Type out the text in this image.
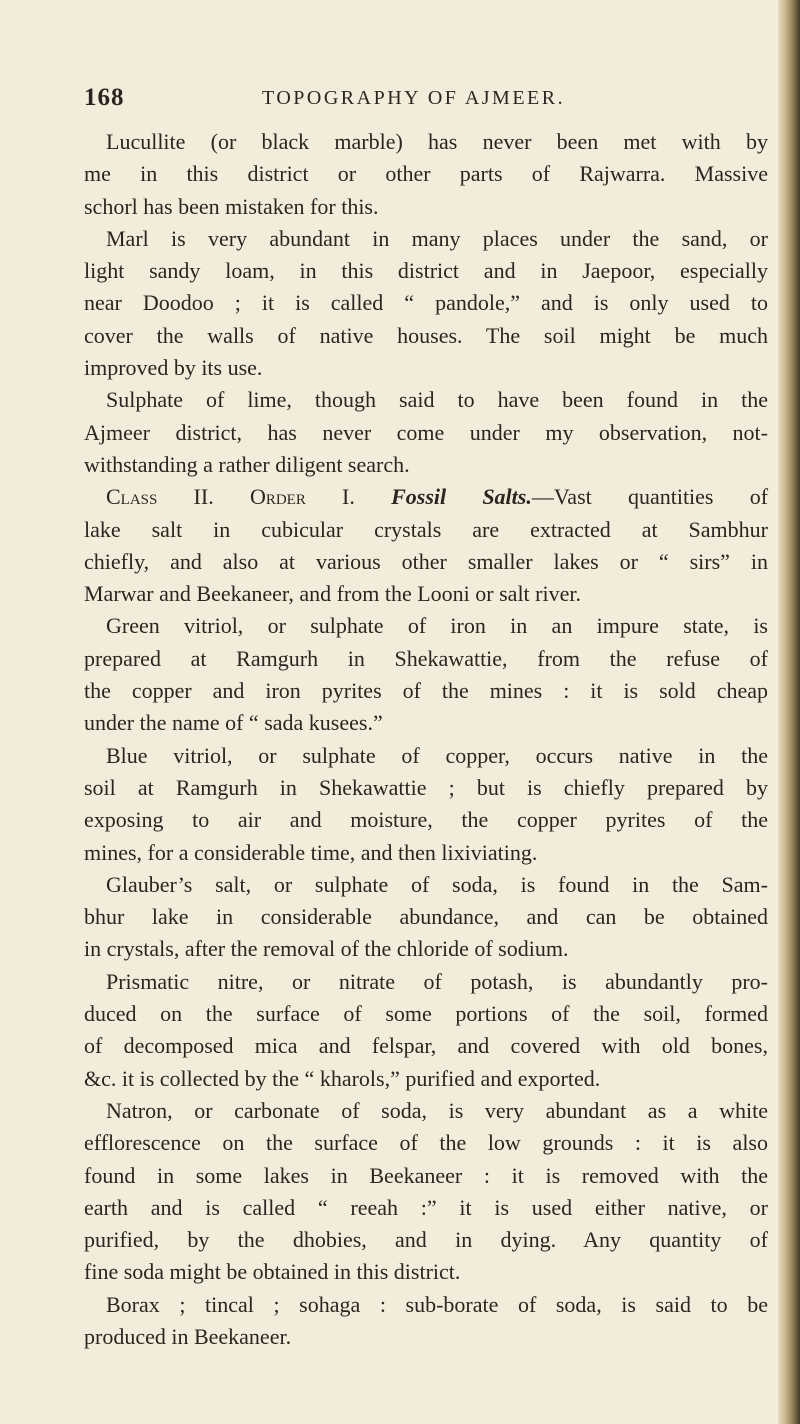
168	TOPOGRAPHY OF AJMEER.
Lucullite (or black marble) has never been met with by
me in this district or other parts of Rajwarra. Massive
schorl has been mistaken for this.
Marl is very abundant in many places under the sand, or
light sandy loam, in this district and in Jaepoor, especially
near Doodoo ; it is called “ pandole,” and is only used to
cover the walls of native houses. The soil might be much
improved by its use.
Sulphate of lime, though said to have been found in the
Ajmeer district, has never come under my observation, not-
withstanding a rather diligent search.
Class II. Order I. Fossil Salts.—Vast quantities of
lake salt in cubicular crystals are extracted at Sambhur
chiefly, and also at various other smaller lakes or “ sirs” in
Marwar and Beekaneer, and from the Looni or salt river.
Green vitriol, or sulphate of iron in an impure state, is
prepared at Ramgurh in Shekawattie, from the refuse of
the copper and iron pyrites of the mines : it is sold cheap
under the name of “ sada kusees.”
Blue vitriol, or sulphate of copper, occurs native in the
soil at Ramgurh in Shekawattie ; but is chiefly prepared by
exposing to air and moisture, the copper pyrites of the
mines, for a considerable time, and then lixiviating.
Glauber’s salt, or sulphate of soda, is found in the Sam-
bhur lake in considerable abundance, and can be obtained
in crystals, after the removal of the chloride of sodium.
Prismatic nitre, or nitrate of potash, is abundantly pro-
duced on the surface of some portions of the soil, formed
of decomposed mica and felspar, and covered with old bones,
&c. it is collected by the “ kharols,” purified and exported.
Natron, or carbonate of soda, is very abundant as a white
efflorescence on the surface of the low grounds : it is also
found in some lakes in Beekaneer : it is removed with the
earth and is called “ reeah :” it is used either native, or
purified, by the dhobies, and in dying. Any quantity of
fine soda might be obtained in this district.
Borax ; tincal ; sohaga : sub-borate of soda, is said to be
produced in Beekaneer.
